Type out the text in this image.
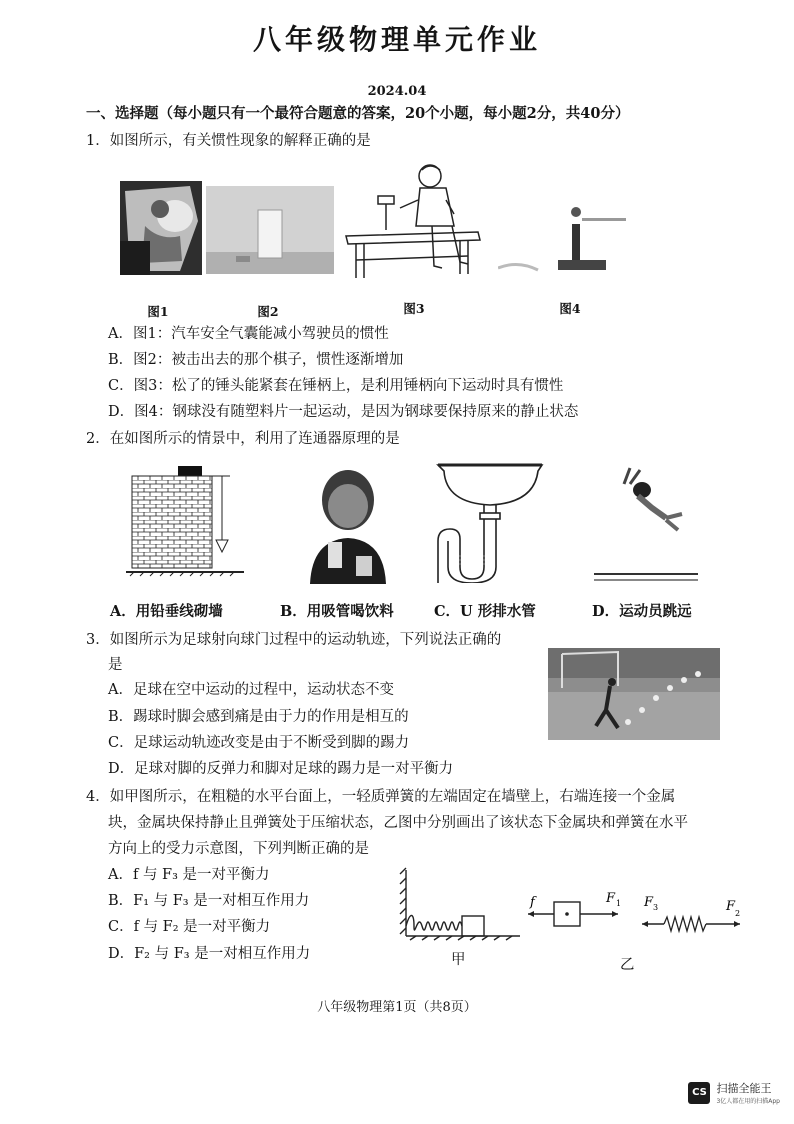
八年级物理单元作业
2024.04
一、选择题（每小题只有一个最符合题意的答案，20个小题，每小题2分，共40分）
1．如图所示，有关惯性现象的解释正确的是
图1	图2	图3	图4
A．图1：汽车安全气囊能减小驾驶员的惯性
B．图2：被击出去的那个棋子，惯性逐渐增加
C．图3：松了的锤头能紧套在锤柄上，是利用锤柄向下运动时具有惯性
D．图4：钢球没有随塑料片一起运动，是因为钢球要保持原来的静止状态
2．在如图所示的情景中，利用了连通器原理的是
A．用铅垂线砌墙	B．用吸管喝饮料	C．U 形排水管	D．运动员跳远
3．如图所示为足球射向球门过程中的运动轨迹，下列说法正确的
是
A．足球在空中运动的过程中，运动状态不变
B．踢球时脚会感到痛是由于力的作用是相互的
C．足球运动轨迹改变是由于不断受到脚的踢力
D．足球对脚的反弹力和脚对足球的踢力是一对平衡力
4．如甲图所示，在粗糙的水平台面上，一轻质弹簧的左端固定在墙壁上，右端连接一个金属
块，金属块保持静止且弹簧处于压缩状态，乙图中分别画出了该状态下金属块和弹簧在水平
方向上的受力示意图，下列判断正确的是
A．f 与 F₃ 是一对平衡力
B．F₁ 与 F₃ 是一对相互作用力
C．f 与 F₂ 是一对平衡力
D．F₂ 与 F₃ 是一对相互作用力	甲
f	F 1 F 3	F 2
乙
八年级物理第1页（共8页）
CS 扫描全能王
3亿人都在用的扫描App
